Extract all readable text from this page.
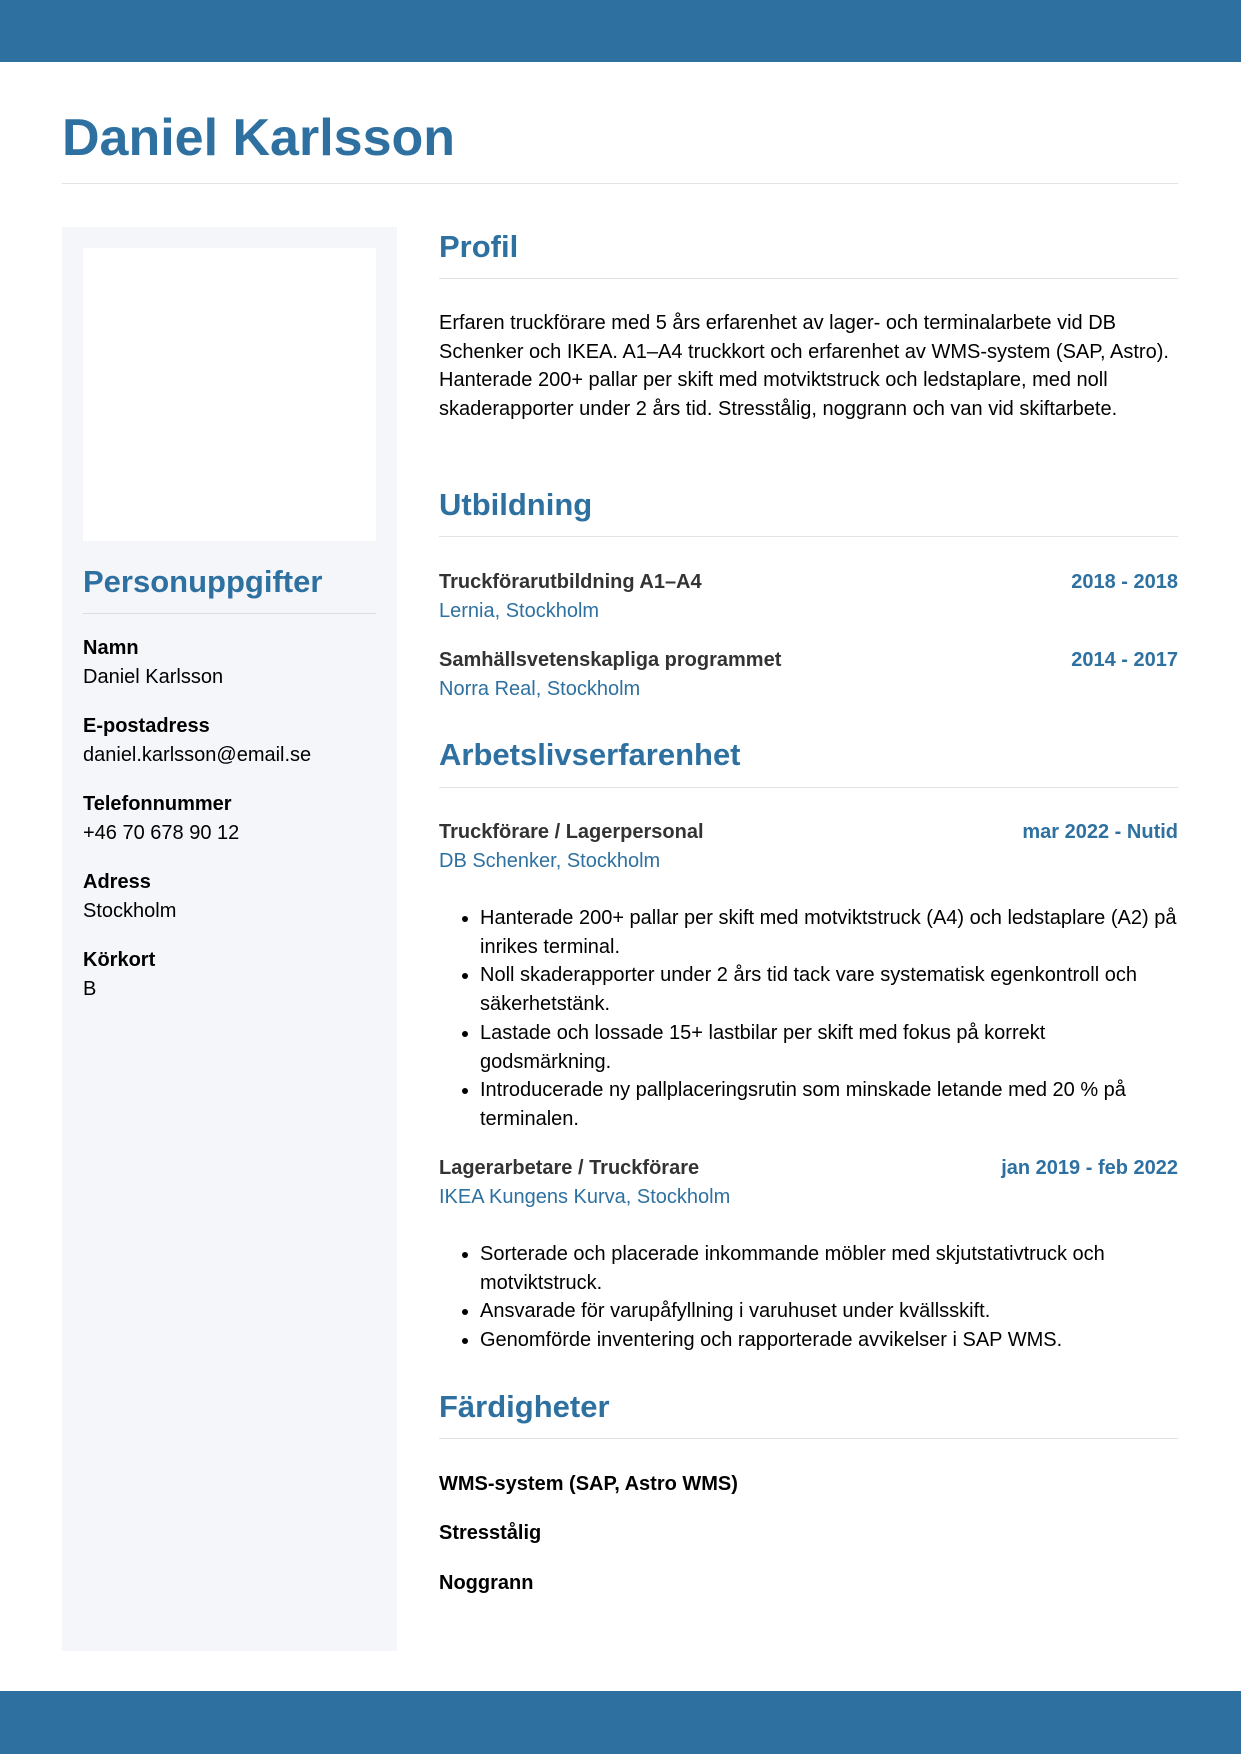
Daniel Karlsson
Personuppgifter
Namn
Daniel Karlsson
E-postadress
daniel.karlsson@email.se
Telefonnummer
+46 70 678 90 12
Adress
Stockholm
Körkort
B
Profil

Erfaren truckförare med 5 års erfarenhet av lager- och terminalarbete vid DB Schenker och IKEA. A1–A4 truckkort och erfarenhet av WMS-system (SAP, Astro). Hanterade 200+ pallar per skift med motviktstruck och ledstaplare, med noll skaderapporter under 2 års tid. Stresstålig, noggrann och van vid skiftarbete.

Utbildning
Truckförarutbildning A1–A4	2018 - 2018
Lernia, Stockholm
Samhällsvetenskapliga programmet	2014 - 2017
Norra Real, Stockholm
Arbetslivserfarenhet
Truckförare / Lagerpersonal	mar 2022 - Nutid
DB Schenker, Stockholm
• Hanterade 200+ pallar per skift med motviktstruck (A4) och ledstaplare (A2) på inrikes terminal.
• Noll skaderapporter under 2 års tid tack vare systematisk egenkontroll och säkerhetstänk.
• Lastade och lossade 15+ lastbilar per skift med fokus på korrekt godsmärkning.
• Introducerade ny pallplaceringsrutin som minskade letande med 20 % på terminalen.
Lagerarbetare / Truckförare	jan 2019 - feb 2022
IKEA Kungens Kurva, Stockholm
• Sorterade och placerade inkommande möbler med skjutstativtruck och motviktstruck.
• Ansvarade för varupåfyllning i varuhuset under kvällsskift.
• Genomförde inventering och rapporterade avvikelser i SAP WMS.
Färdigheter
WMS-system (SAP, Astro WMS)
Stresstålig
Noggrann
